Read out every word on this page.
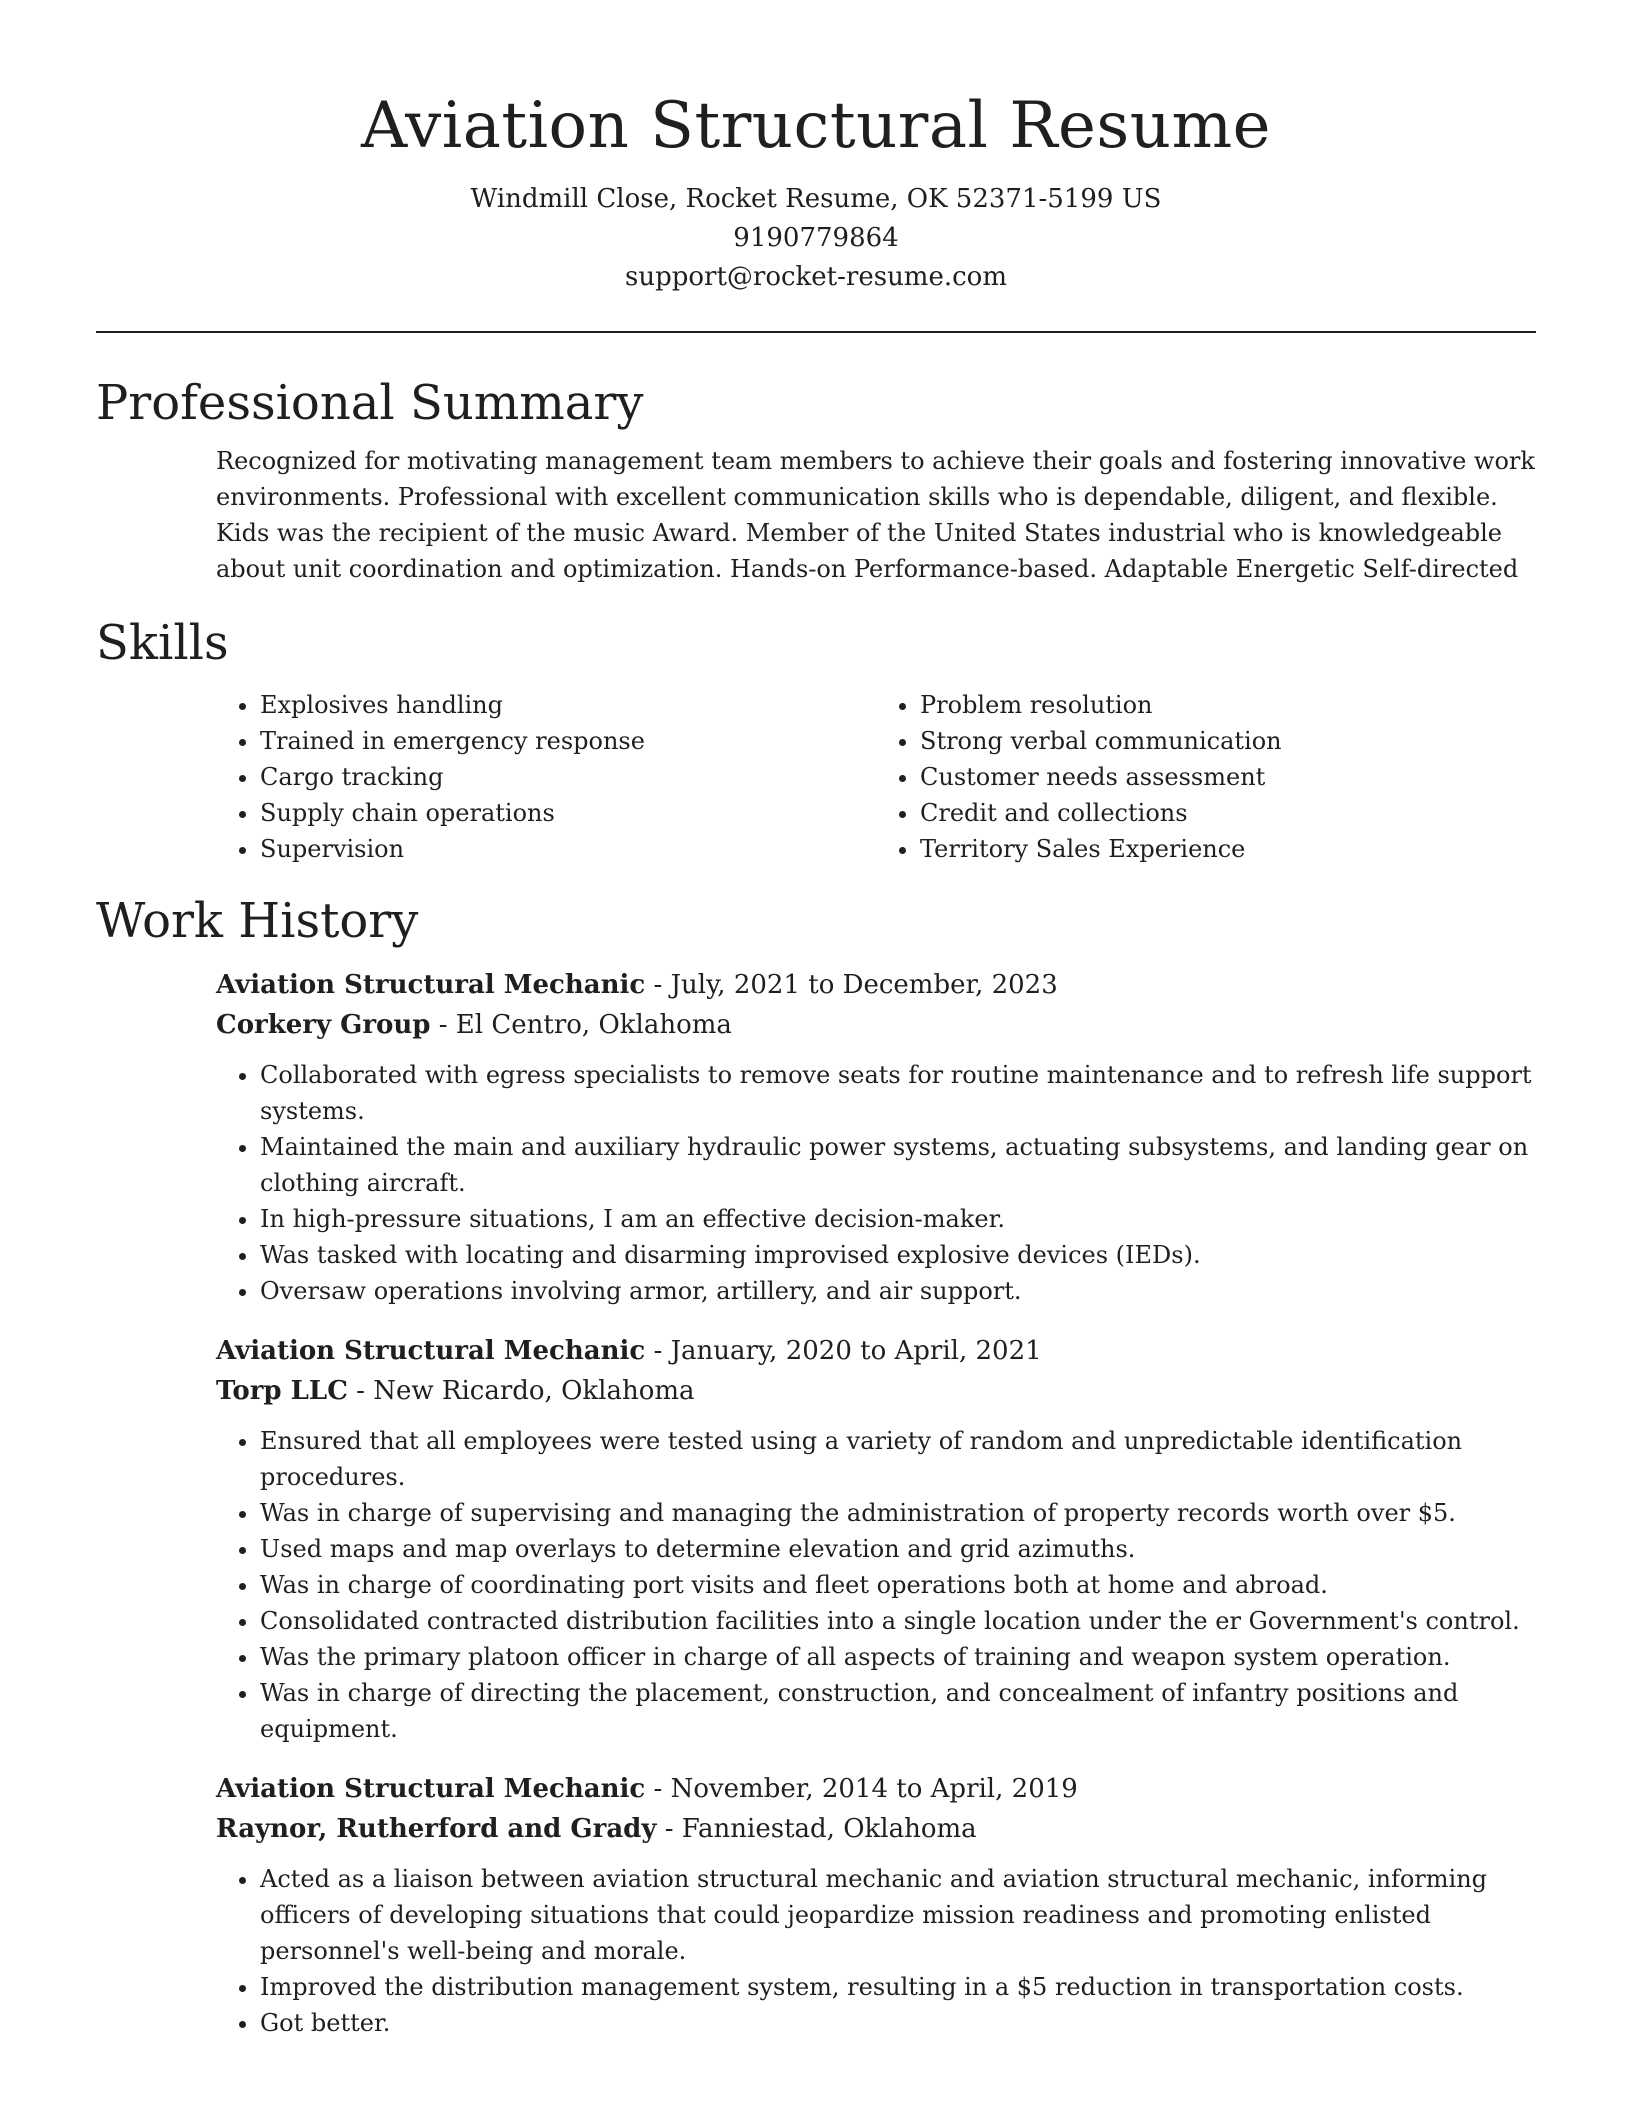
Aviation Structural Resume
Windmill Close, Rocket Resume, OK 52371-5199 US
9190779864
support@rocket-resume.com
Professional Summary

Recognized for motivating management team members to achieve their goals and fostering innovative work environments. Professional with excellent communication skills who is dependable, diligent, and flexible. Kids was the recipient of the music Award. Member of the United States industrial who is knowledgeable about unit coordination and optimization. Hands-on Performance-based. Adaptable Energetic Self-directed

Skills
• Explosives handling
• Trained in emergency response
• Cargo tracking
• Supply chain operations
• Supervision
• Problem resolution
• Strong verbal communication
• Customer needs assessment
• Credit and collections
• Territory Sales Experience
Work History
Aviation Structural Mechanic - July, 2021 to December, 2023
Corkery Group - El Centro, Oklahoma
• Collaborated with egress specialists to remove seats for routine maintenance and to refresh life support systems.
• Maintained the main and auxiliary hydraulic power systems, actuating subsystems, and landing gear on clothing aircraft.
• In high-pressure situations, I am an effective decision-maker.
• Was tasked with locating and disarming improvised explosive devices (IEDs).
• Oversaw operations involving armor, artillery, and air support.
Aviation Structural Mechanic - January, 2020 to April, 2021
Torp LLC - New Ricardo, Oklahoma
• Ensured that all employees were tested using a variety of random and unpredictable identification procedures.
• Was in charge of supervising and managing the administration of property records worth over $5.
• Used maps and map overlays to determine elevation and grid azimuths.
• Was in charge of coordinating port visits and fleet operations both at home and abroad.
• Consolidated contracted distribution facilities into a single location under the er Government's control.
• Was the primary platoon officer in charge of all aspects of training and weapon system operation.
• Was in charge of directing the placement, construction, and concealment of infantry positions and equipment.
Aviation Structural Mechanic - November, 2014 to April, 2019
Raynor, Rutherford and Grady - Fanniestad, Oklahoma
• Acted as a liaison between aviation structural mechanic and aviation structural mechanic, informing officers of developing situations that could jeopardize mission readiness and promoting enlisted personnel's well-being and morale.
• Improved the distribution management system, resulting in a $5 reduction in transportation costs.
• Got better.
